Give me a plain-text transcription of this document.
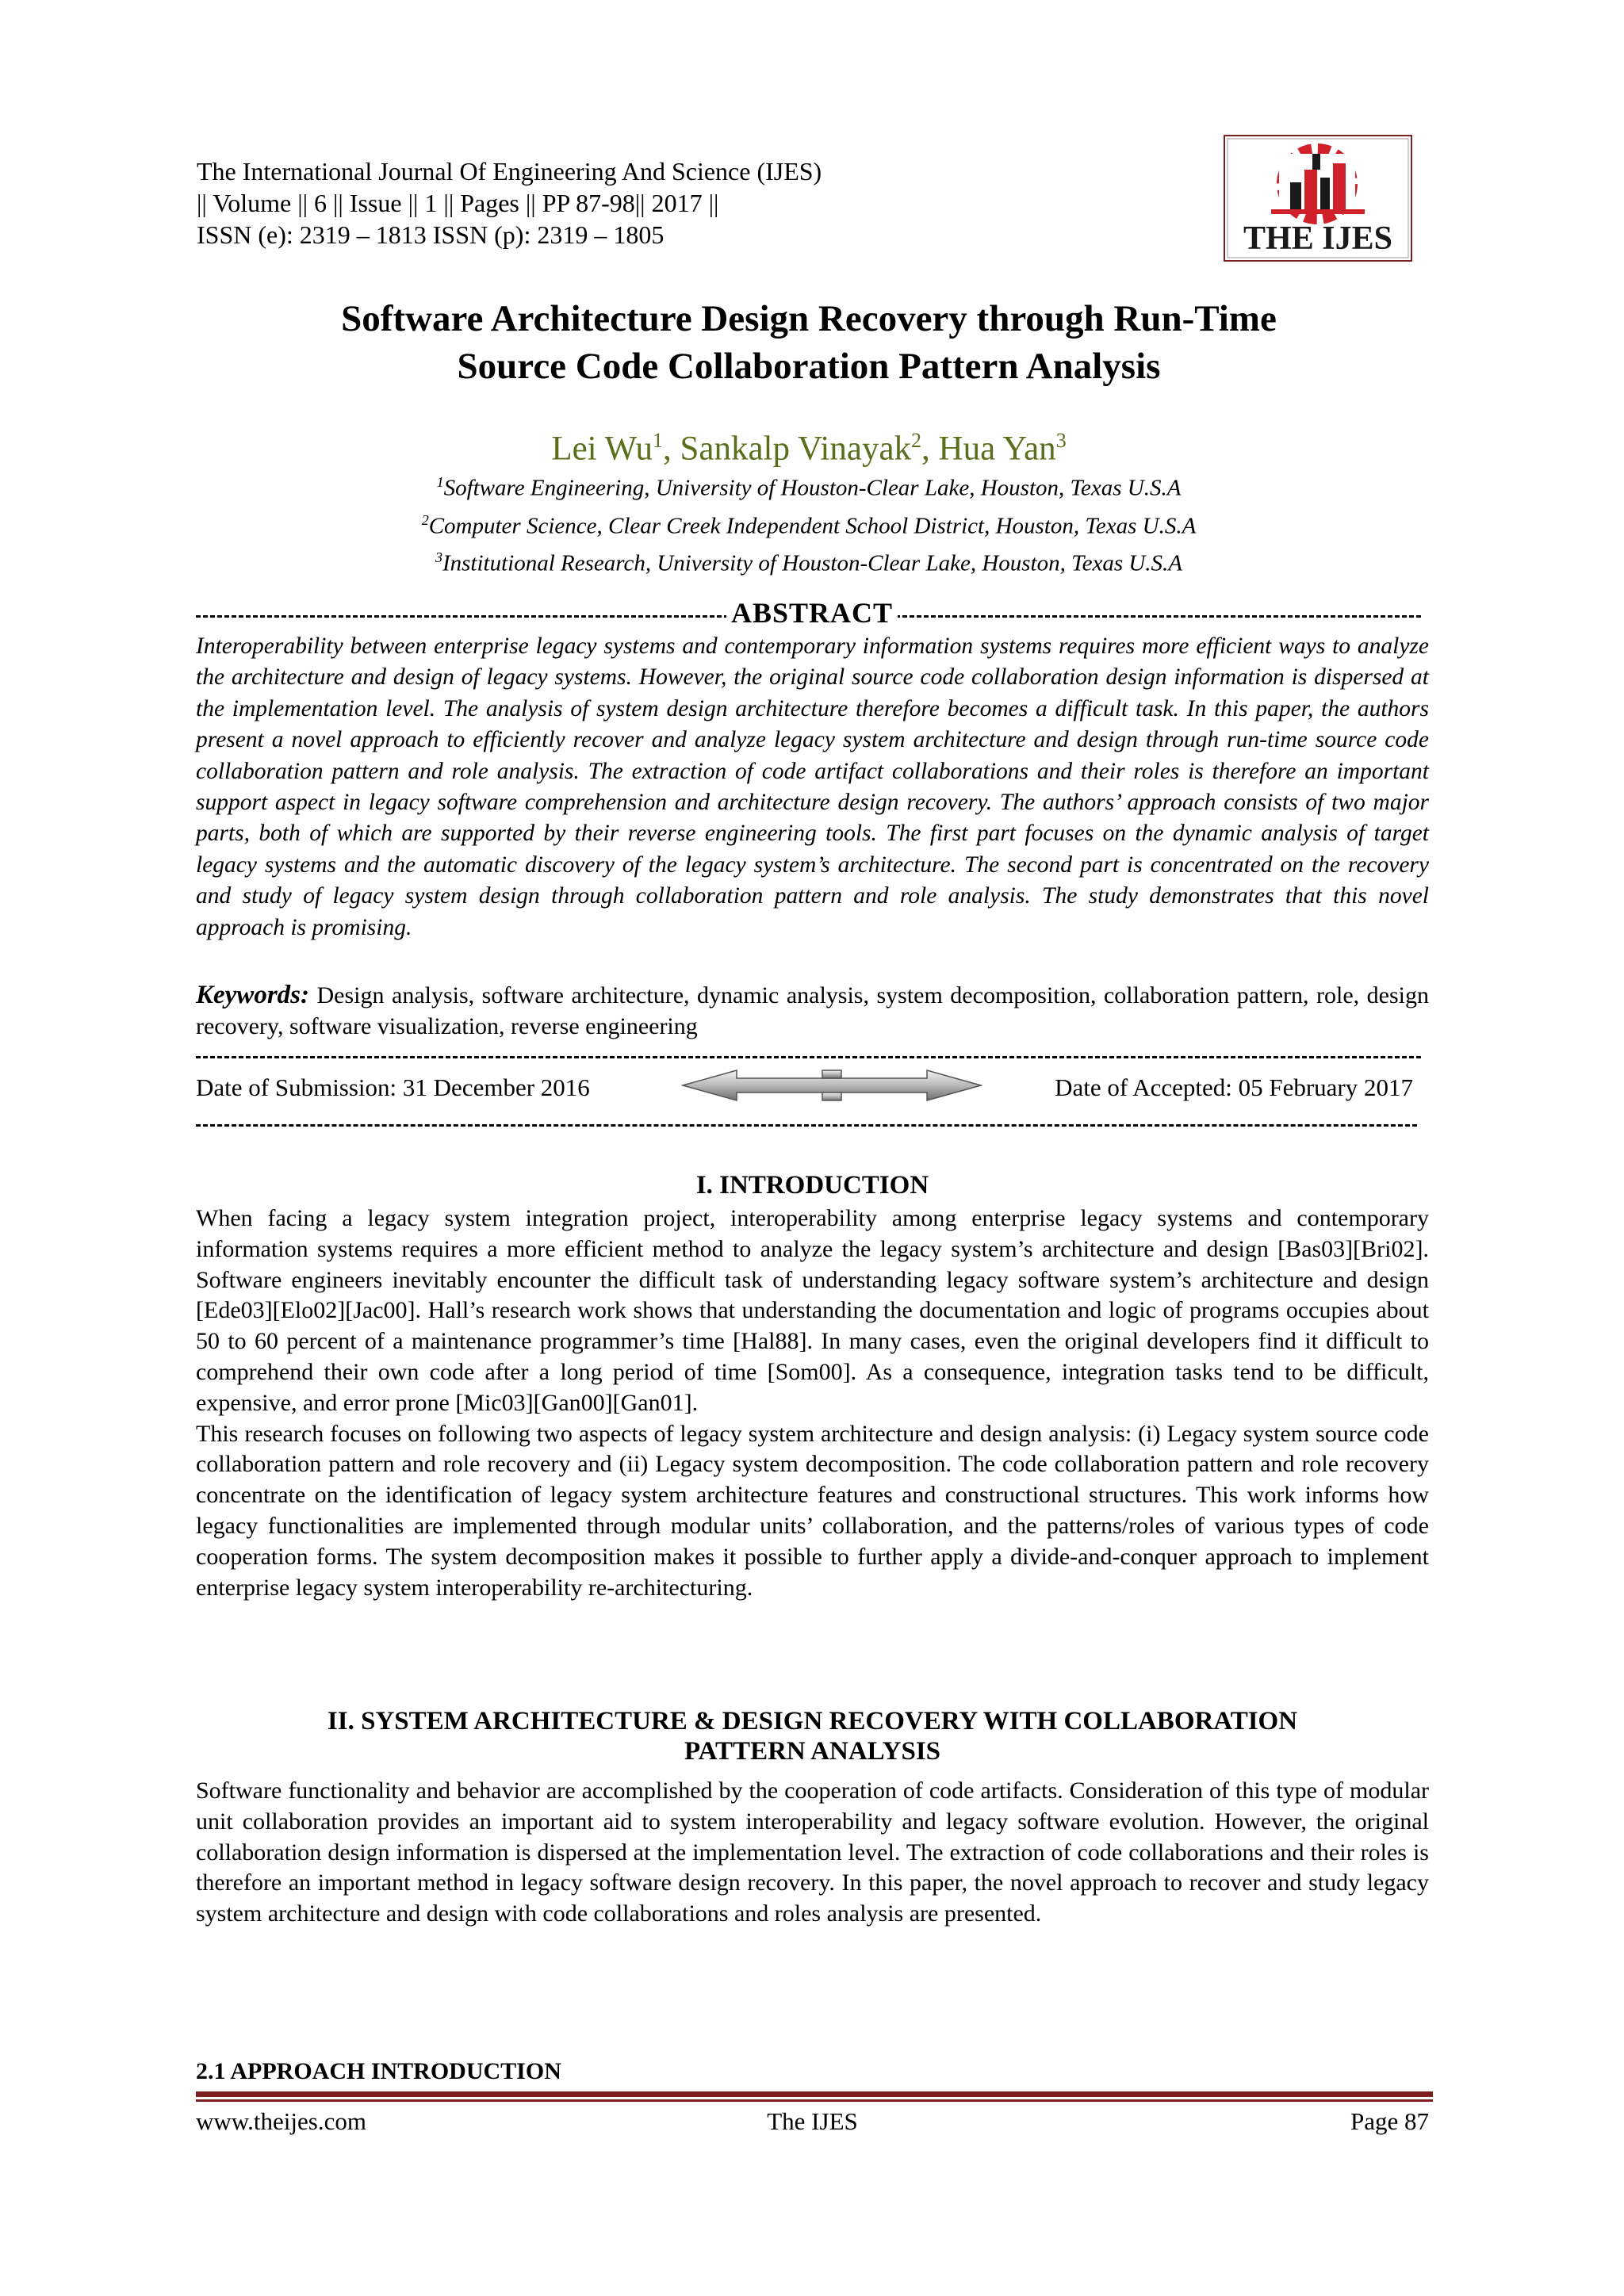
The International Journal Of Engineering And Science (IJES)
|| Volume || 6 || Issue || 1 || Pages || PP 87-98|| 2017 ||
ISSN (e): 2319 – 1813 ISSN (p): 2319 – 1805	THE IJES
Software Architecture Design Recovery through Run-Time
Source Code Collaboration Pattern Analysis
Lei Wu$^1$, Sankalp Vinayak$^2$, Hua Yan$^3$
$^1$Software Engineering, University of Houston-Clear Lake, Houston, Texas U.S.A
$^2$Computer Science, Clear Creek Independent School District, Houston, Texas U.S.A
$^3$Institutional Research, University of Houston-Clear Lake, Houston, Texas U.S.A
ABSTRACT
Interoperability between enterprise legacy systems and contemporary information systems requires more efficient ways to analyze the architecture and design of legacy systems. However, the original source code collaboration design information is dispersed at the implementation level. The analysis of system design architecture therefore becomes a difficult task. In this paper, the authors present a novel approach to efficiently recover and analyze legacy system architecture and design through run-time source code collaboration pattern and role analysis. The extraction of code artifact collaborations and their roles is therefore an important support aspect in legacy software comprehension and architecture design recovery. The authors’ approach consists of two major parts, both of which are supported by their reverse engineering tools. The first part focuses on the dynamic analysis of target legacy systems and the automatic discovery of the legacy system’s architecture. The second part is concentrated on the recovery and study of legacy system design through collaboration pattern and role analysis. The study demonstrates that this novel approach is promising.
Keywords: Design analysis, software architecture, dynamic analysis, system decomposition, collaboration pattern, role, design recovery, software visualization, reverse engineering
Date of Submission: 31 December 2016	Date of Accepted: 05 February 2017
I. INTRODUCTION

When facing a legacy system integration project, interoperability among enterprise legacy systems and contemporary information systems requires a more efficient method to analyze the legacy system’s architecture and design [Bas03][Bri02]. Software engineers inevitably encounter the difficult task of understanding legacy software system’s architecture and design [Ede03][Elo02][Jac00]. Hall’s research work shows that understanding the documentation and logic of programs occupies about 50 to 60 percent of a maintenance programmer’s time [Hal88]. In many cases, even the original developers find it difficult to comprehend their own code after a long period of time [Som00]. As a consequence, integration tasks tend to be difficult, expensive, and error prone [Mic03][Gan00][Gan01].

This research focuses on following two aspects of legacy system architecture and design analysis: (i) Legacy system source code collaboration pattern and role recovery and (ii) Legacy system decomposition. The code collaboration pattern and role recovery concentrate on the identification of legacy system architecture features and constructional structures. This work informs how legacy functionalities are implemented through modular units’ collaboration, and the patterns/roles of various types of code cooperation forms. The system decomposition makes it possible to further apply a divide-and-conquer approach to implement enterprise legacy system interoperability re-architecturing.

II. SYSTEM ARCHITECTURE & DESIGN RECOVERY WITH COLLABORATION
PATTERN ANALYSIS

Software functionality and behavior are accomplished by the cooperation of code artifacts. Consideration of this type of modular unit collaboration provides an important aid to system interoperability and legacy software evolution. However, the original collaboration design information is dispersed at the implementation level. The extraction of code collaborations and their roles is therefore an important method in legacy software design recovery. In this paper, the novel approach to recover and study legacy system architecture and design with code collaborations and roles analysis are presented.

2.1 APPROACH INTRODUCTION
www.theijes.com	The IJES	Page 87
